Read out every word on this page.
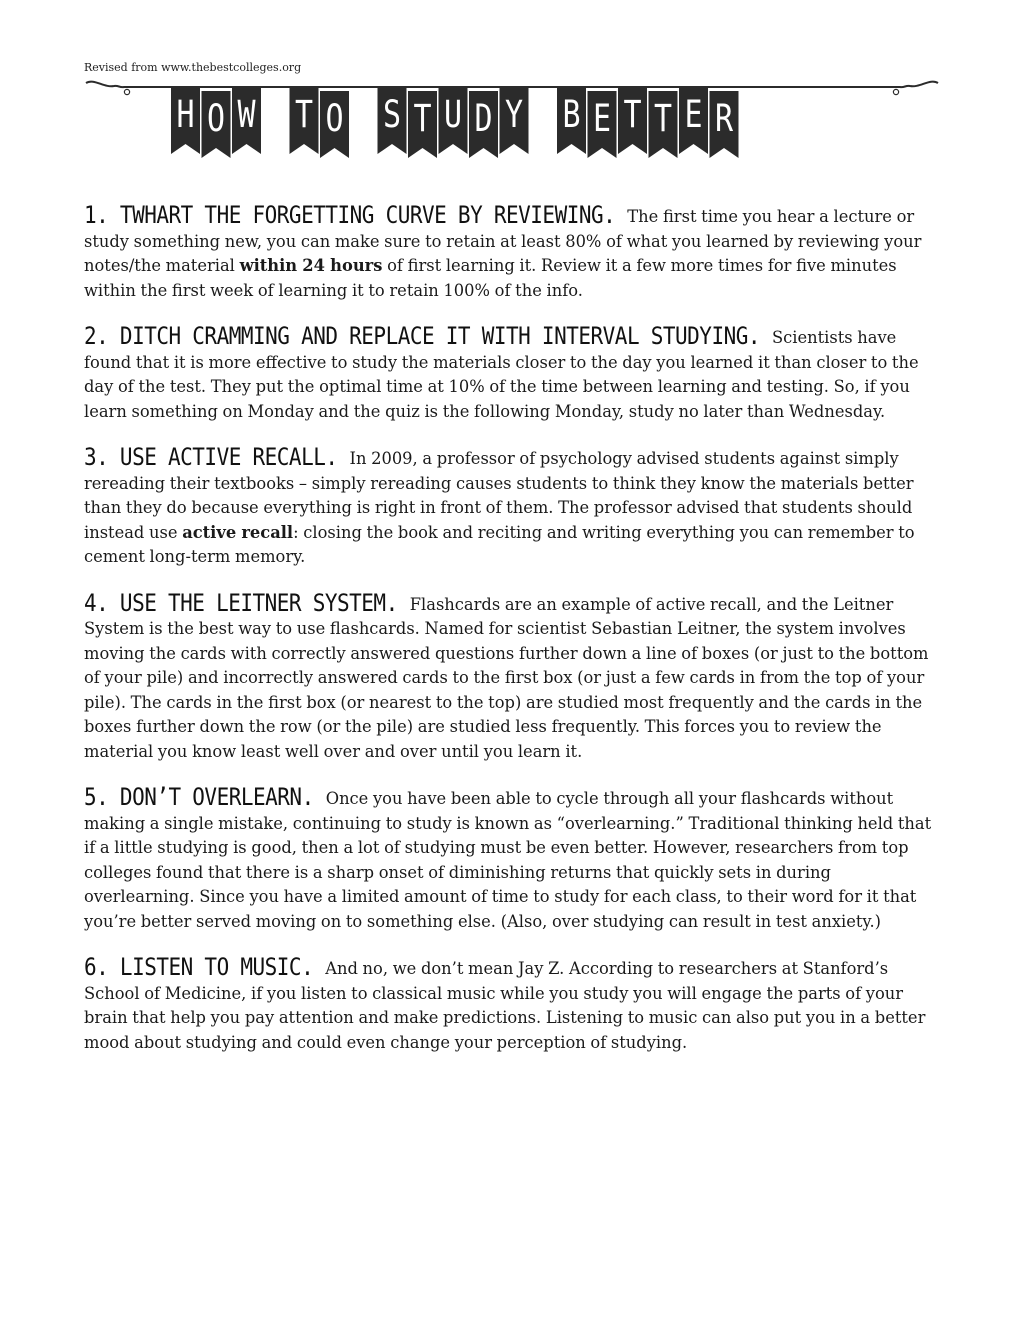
Revised from www.thebestcolleges.org
H O W T O S T U D Y B E T T E R

1. TWHART THE FORGETTING CURVE BY REVIEWING. The first time you hear a lecture or study something new, you can make sure to retain at least 80% of what you learned by reviewing your notes/the material within 24 hours of first learning it. Review it a few more times for five minutes within the first week of learning it to retain 100% of the info.

2. DITCH CRAMMING AND REPLACE IT WITH INTERVAL STUDYING. Scientists have found that it is more effective to study the materials closer to the day you learned it than closer to the day of the test. They put the optimal time at 10% of the time between learning and testing. So, if you learn something on Monday and the quiz is the following Monday, study no later than Wednesday.

3. USE ACTIVE RECALL. In 2009, a professor of psychology advised students against simply rereading their textbooks – simply rereading causes students to think they know the materials better than they do because everything is right in front of them. The professor advised that students should instead use active recall: closing the book and reciting and writing everything you can remember to cement long-term memory.

4. USE THE LEITNER SYSTEM. Flashcards are an example of active recall, and the Leitner System is the best way to use flashcards. Named for scientist Sebastian Leitner, the system involves moving the cards with correctly answered questions further down a line of boxes (or just to the bottom of your pile) and incorrectly answered cards to the first box (or just a few cards in from the top of your pile). The cards in the first box (or nearest to the top) are studied most frequently and the cards in the boxes further down the row (or the pile) are studied less frequently. This forces you to review the material you know least well over and over until you learn it.

5. DON’T OVERLEARN. Once you have been able to cycle through all your flashcards without making a single mistake, continuing to study is known as “overlearning.” Traditional thinking held that if a little studying is good, then a lot of studying must be even better. However, researchers from top colleges found that there is a sharp onset of diminishing returns that quickly sets in during overlearning. Since you have a limited amount of time to study for each class, to their word for it that you’re better served moving on to something else. (Also, over studying can result in test anxiety.)

6. LISTEN TO MUSIC. And no, we don’t mean Jay Z. According to researchers at Stanford’s School of Medicine, if you listen to classical music while you study you will engage the parts of your brain that help you pay attention and make predictions. Listening to music can also put you in a better mood about studying and could even change your perception of studying.
